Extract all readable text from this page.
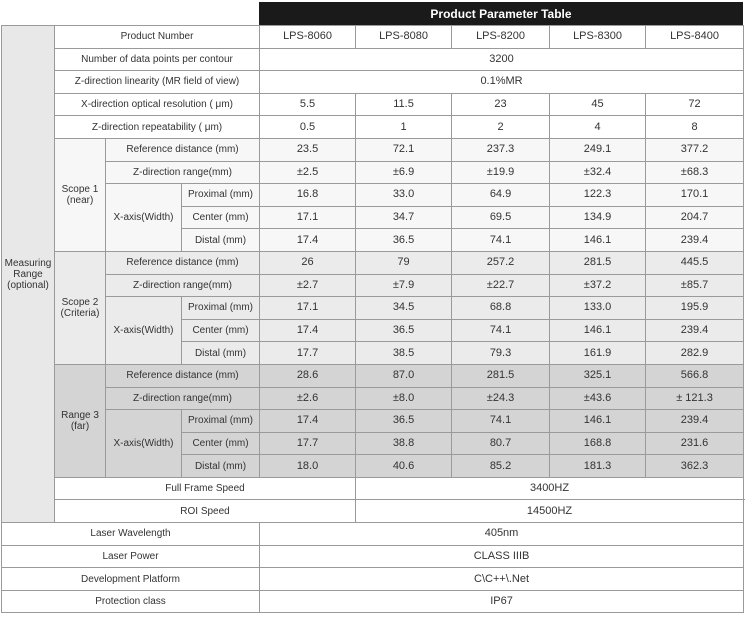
Product Parameter Table
Measuring
Range
(optional)	Product Number			LPS-8060	LPS-8080	LPS-8200	LPS-8300	LPS-8400
	Number of data points per contour			3200				
	Z-direction linearity (MR field of view)			0.1%MR				
	X-direction optical resolution ( μm)			5.5	11.5	23	45	72
	Z-direction repeatability ( μm)			0.5	1	2	4	8
	Scope 1
(near)	Reference distance (mm)		23.5	72.1	237.3	249.1	377.2
		Z-direction range(mm)		±2.5	±6.9	±19.9	±32.4	±68.3
		X-axis(Width)	Proximal (mm)	16.8	33.0	64.9	122.3	170.1
			Center (mm)	17.1	34.7	69.5	134.9	204.7
			Distal (mm)	17.4	36.5	74.1	146.1	239.4
	Scope 2
(Criteria)	Reference distance (mm)		26	79	257.2	281.5	445.5
		Z-direction range(mm)		±2.7	±7.9	±22.7	±37.2	±85.7
		X-axis(Width)	Proximal (mm)	17.1	34.5	68.8	133.0	195.9
			Center (mm)	17.4	36.5	74.1	146.1	239.4
			Distal (mm)	17.7	38.5	79.3	161.9	282.9
	Range 3
(far)	Reference distance (mm)		28.6	87.0	281.5	325.1	566.8
		Z-direction range(mm)		±2.6	±8.0	±24.3	±43.6	± 121.3
		X-axis(Width)	Proximal (mm)	17.4	36.5	74.1	146.1	239.4
			Center (mm)	17.7	38.8	80.7	168.8	231.6
			Distal (mm)	18.0	40.6	85.2	181.3	362.3
	Full Frame Speed				3400HZ			
	ROI Speed				14500HZ			
Laser Wavelength				405nm				
Laser Power				CLASS IIIB				
Development Platform				C\C++\.Net				
Protection class				IP67				
